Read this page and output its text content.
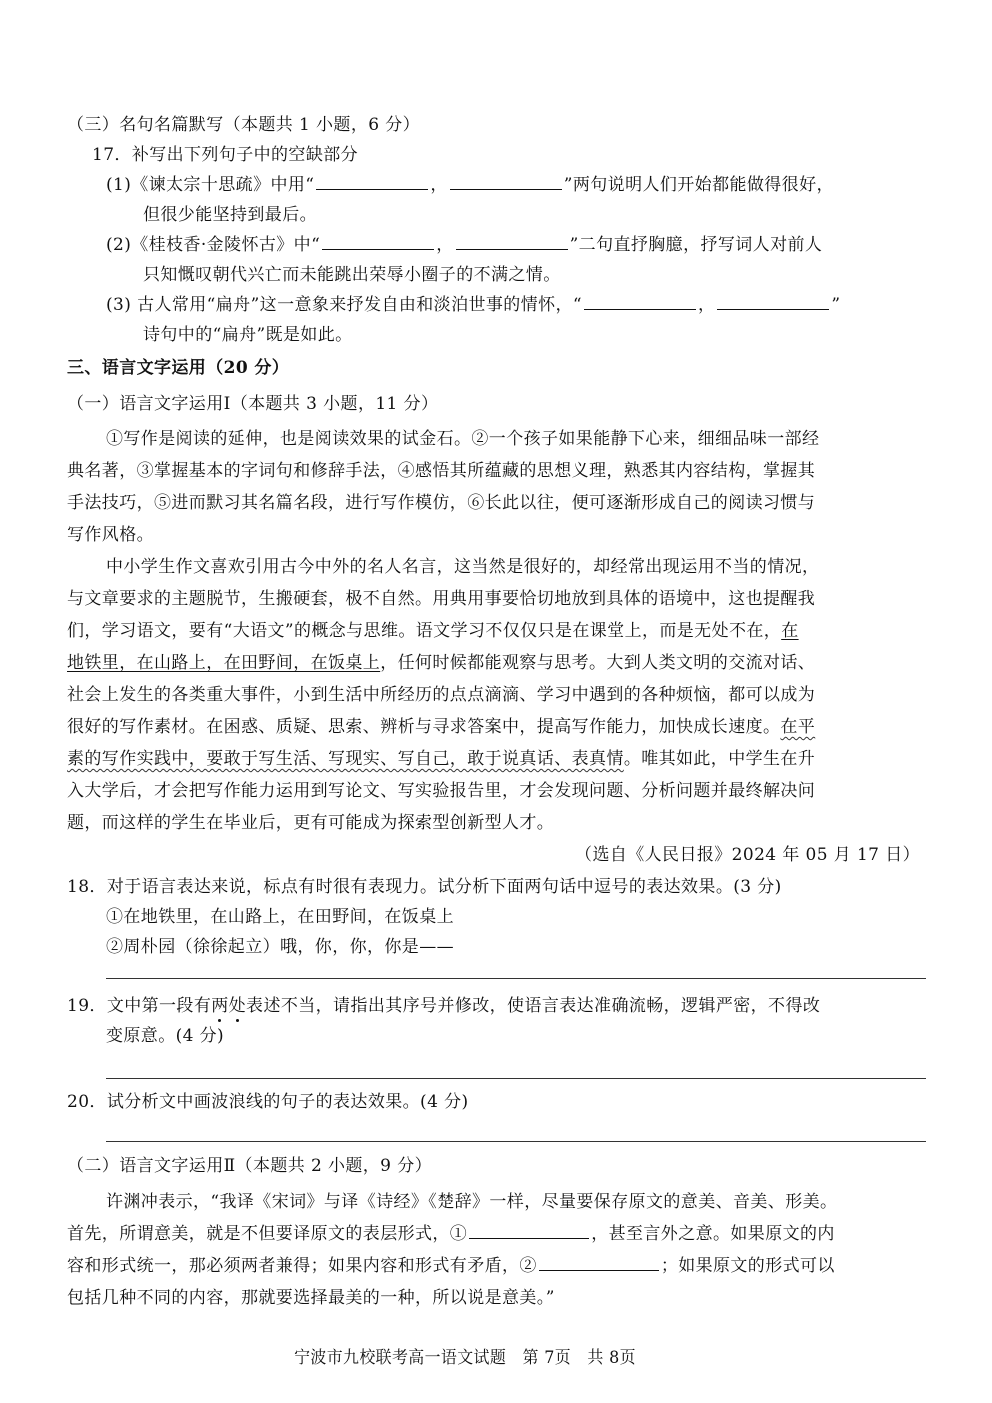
（三）名句名篇默写（本题共 1 小题，6 分）
17．补写出下列句子中的空缺部分
(1)《谏太宗十思疏》中用“	，	”两句说明人们开始都能做得很好，
但很少能坚持到最后。
(2)《桂枝香·金陵怀古》中“	，	”二句直抒胸臆，抒写词人对前人
只知慨叹朝代兴亡而未能跳出荣辱小圈子的不满之情。
(3) 古人常用“扁舟”这一意象来抒发自由和淡泊世事的情怀，“	，	”
诗句中的“扁舟”既是如此。
三、语言文字运用（20 分）
（一）语言文字运用Ⅰ（本题共 3 小题，11 分）
①写作是阅读的延伸，也是阅读效果的试金石。②一个孩子如果能静下心来，细细品味一部经
典名著，③掌握基本的字词句和修辞手法，④感悟其所蕴藏的思想义理，熟悉其内容结构，掌握其
手法技巧，⑤进而默习其名篇名段，进行写作模仿，⑥长此以往，便可逐渐形成自己的阅读习惯与
写作风格。
中小学生作文喜欢引用古今中外的名人名言，这当然是很好的，却经常出现运用不当的情况，
与文章要求的主题脱节，生搬硬套，极不自然。用典用事要恰切地放到具体的语境中，这也提醒我
们，学习语文，要有“大语文”的概念与思维。语文学习不仅仅只是在课堂上，而是无处不在，在
地铁里，在山路上，在田野间，在饭桌上，任何时候都能观察与思考。大到人类文明的交流对话、
社会上发生的各类重大事件，小到生活中所经历的点点滴滴、学习中遇到的各种烦恼，都可以成为
很好的写作素材。在困惑、质疑、思索、辨析与寻求答案中，提高写作能力，加快成长速度。在平
素的写作实践中，要敢于写生活、写现实、写自己，敢于说真话、表真情。唯其如此，中学生在升
入大学后，才会把写作能力运用到写论文、写实验报告里，才会发现问题、分析问题并最终解决问
题，而这样的学生在毕业后，更有可能成为探索型创新型人才。
（选自《人民日报》2024 年 05 月 17 日）
18．对于语言表达来说，标点有时很有表现力。试分析下面两句话中逗号的表达效果。(3 分)
①在地铁里，在山路上，在田野间，在饭桌上
②周朴园（徐徐起立）哦，你，你，你是——
19．文中第一段有两处表述不当，请指出其序号并修改，使语言表达准确流畅，逻辑严密，不得改
变原意。(4 分)
20．试分析文中画波浪线的句子的表达效果。(4 分)
（二）语言文字运用Ⅱ（本题共 2 小题，9 分）
许渊冲表示，“我译《宋词》与译《诗经》《楚辞》一样，尽量要保存原文的意美、音美、形美。
首先，所谓意美，就是不但要译原文的表层形式，①	，甚至言外之意。如果原文的内
容和形式统一，那必须两者兼得；如果内容和形式有矛盾，②	；如果原文的形式可以
包括几种不同的内容，那就要选择最美的一种，所以说是意美。”
宁波市九校联考高一语文试题　第 7页　共 8页
